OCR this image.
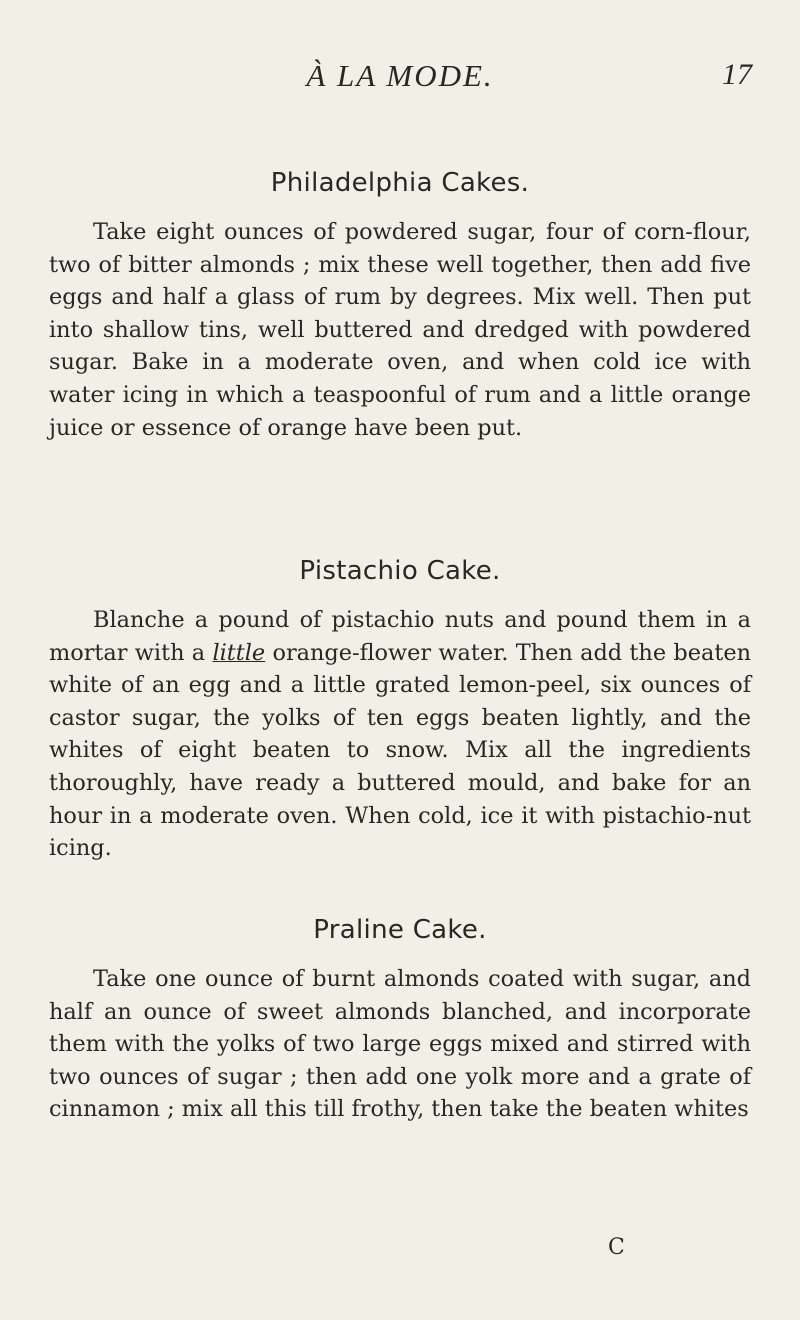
À LA MODE.	17
Philadelphia Cakes.

Take eight ounces of powdered sugar, four of corn-flour, two of bitter almonds ; mix these well together, then add five eggs and half a glass of rum by degrees. Mix well. Then put into shallow tins, well buttered and dredged with powdered sugar. Bake in a moderate oven, and when cold ice with water icing in which a teaspoonful of rum and a little orange juice or essence of orange have been put.

Pistachio Cake.

Blanche a pound of pistachio nuts and pound them in a mortar with a little orange-flower water. Then add the beaten white of an egg and a little grated lemon-peel, six ounces of castor sugar, the yolks of ten eggs beaten lightly, and the whites of eight beaten to snow. Mix all the ingredients thoroughly, have ready a buttered mould, and bake for an hour in a moderate oven. When cold, ice it with pistachio-nut icing.

Praline Cake.

Take one ounce of burnt almonds coated with sugar, and half an ounce of sweet almonds blanched, and incorporate them with the yolks of two large eggs mixed and stirred with two ounces of sugar ; then add one yolk more and a grate of cinnamon ; mix all this till frothy, then take the beaten whites

C
